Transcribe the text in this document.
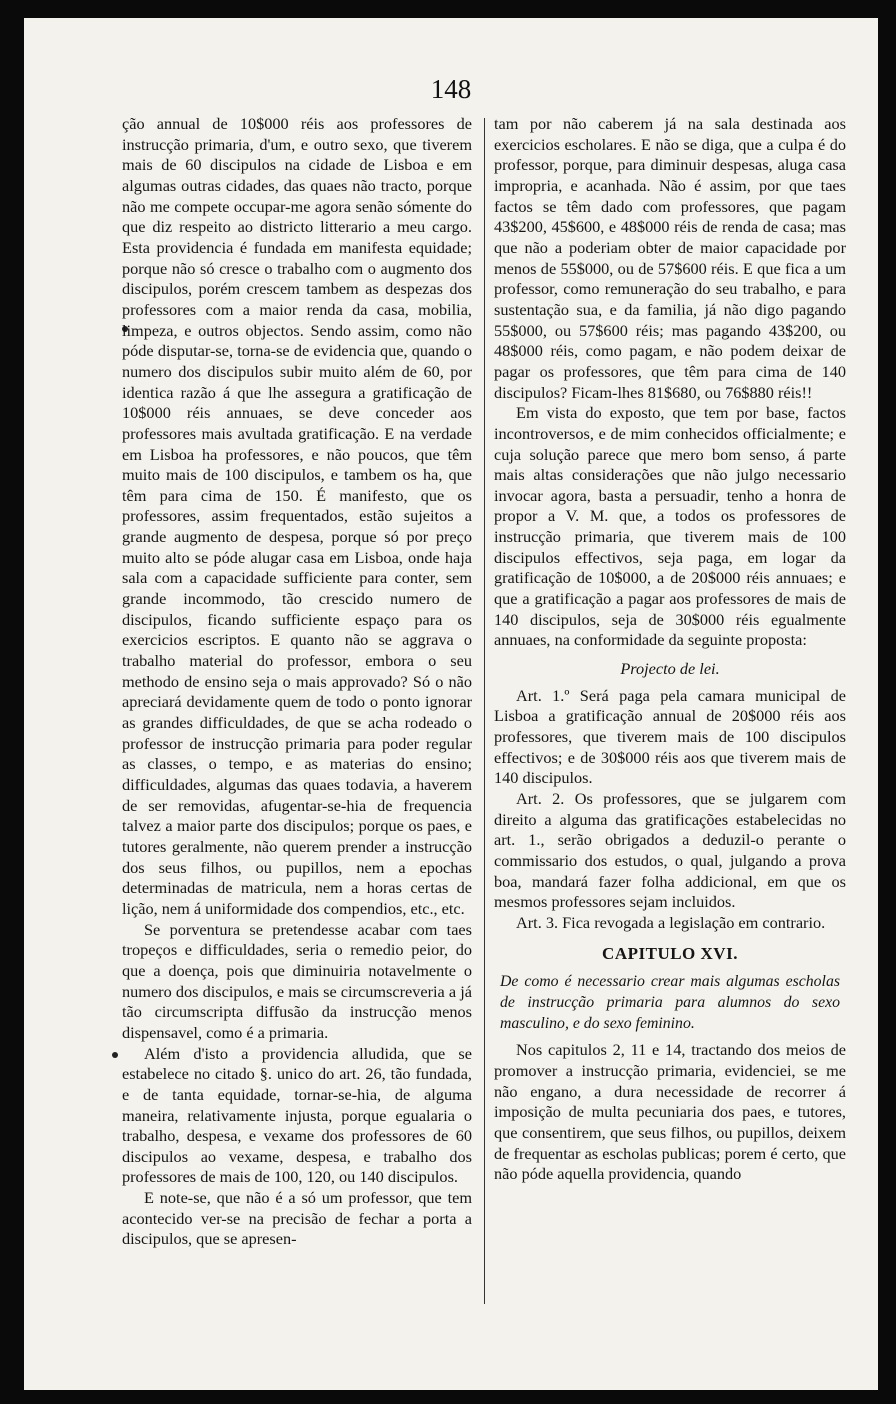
148

ção annual de 10$000 réis aos professores de instrucção primaria, d'um, e outro sexo, que tiverem mais de 60 discipulos na cidade de Lisboa e em algumas outras cidades, das quaes não tracto, porque não me compete occupar-me agora senão sómente do que diz respeito ao districto litterario a meu cargo. Esta providencia é fundada em manifesta equidade; porque não só cresce o trabalho com o augmento dos discipulos, porém crescem tambem as despezas dos professores com a maior renda da casa, mobilia, limpeza, e outros objectos. Sendo assim, como não póde disputar-se, torna-se de evidencia que, quando o numero dos discipulos subir muito além de 60, por identica razão á que lhe assegura a gratificação de 10$000 réis annuaes, se deve conceder aos professores mais avultada gratificação. E na verdade em Lisboa ha professores, e não poucos, que têm muito mais de 100 discipulos, e tambem os ha, que têm para cima de 150. É manifesto, que os professores, assim frequentados, estão sujeitos a grande augmento de despesa, porque só por preço muito alto se póde alugar casa em Lisboa, onde haja sala com a capacidade sufficiente para conter, sem grande incommodo, tão crescido numero de discipulos, ficando sufficiente espaço para os exercicios escriptos. E quanto não se aggrava o trabalho material do professor, embora o seu methodo de ensino seja o mais approvado? Só o não apreciará devidamente quem de todo o ponto ignorar as grandes difficuldades, de que se acha rodeado o professor de instrucção primaria para poder regular as classes, o tempo, e as materias do ensino; difficuldades, algumas das quaes todavia, a haverem de ser removidas, afugentar-se-hia de frequencia talvez a maior parte dos discipulos; porque os paes, e tutores geralmente, não querem prender a instrucção dos seus filhos, ou pupillos, nem a epochas determinadas de matricula, nem a horas certas de lição, nem á uniformidade dos compendios, etc., etc.

Se porventura se pretendesse acabar com taes tropeços e difficuldades, seria o remedio peior, do que a doença, pois que diminuiria notavelmente o numero dos discipulos, e mais se circumscreveria a já tão circumscripta diffusão da instrucção menos dispensavel, como é a primaria.

Além d'isto a providencia alludida, que se estabelece no citado §. unico do art. 26, tão fundada, e de tanta equidade, tornar-se-hia, de alguma maneira, relativamente injusta, porque egualaria o trabalho, despesa, e vexame dos professores de 60 discipulos ao vexame, despesa, e trabalho dos professores de mais de 100, 120, ou 140 discipulos.

E note-se, que não é a só um professor, que tem acontecido ver-se na precisão de fechar a porta a discipulos, que se apresen-

tam por não caberem já na sala destinada aos exercicios escholares. E não se diga, que a culpa é do professor, porque, para diminuir despesas, aluga casa impropria, e acanhada. Não é assim, por que taes factos se têm dado com professores, que pagam 43$200, 45$600, e 48$000 réis de renda de casa; mas que não a poderiam obter de maior capacidade por menos de 55$000, ou de 57$600 réis. E que fica a um professor, como remuneração do seu trabalho, e para sustentação sua, e da familia, já não digo pagando 55$000, ou 57$600 réis; mas pagando 43$200, ou 48$000 réis, como pagam, e não podem deixar de pagar os professores, que têm para cima de 140 discipulos? Ficam-lhes 81$680, ou 76$880 réis!!

Em vista do exposto, que tem por base, factos incontroversos, e de mim conhecidos officialmente; e cuja solução parece que mero bom senso, á parte mais altas considerações que não julgo necessario invocar agora, basta a persuadir, tenho a honra de propor a V. M. que, a todos os professores de instrucção primaria, que tiverem mais de 100 discipulos effectivos, seja paga, em logar da gratificação de 10$000, a de 20$000 réis annuaes; e que a gratificação a pagar aos professores de mais de 140 discipulos, seja de 30$000 réis egualmente annuaes, na conformidade da seguinte proposta:

Projecto de lei.

Art. 1.º Será paga pela camara municipal de Lisboa a gratificação annual de 20$000 réis aos professores, que tiverem mais de 100 discipulos effectivos; e de 30$000 réis aos que tiverem mais de 140 discipulos.

Art. 2. Os professores, que se julgarem com direito a alguma das gratificações estabelecidas no art. 1., serão obrigados a deduzil-o perante o commissario dos estudos, o qual, julgando a prova boa, mandará fazer folha addicional, em que os mesmos professores sejam incluidos.

Art. 3. Fica revogada a legislação em contrario.

CAPITULO XVI.

De como é necessario crear mais algumas escholas de instrucção primaria para alumnos do sexo masculino, e do sexo feminino.

Nos capitulos 2, 11 e 14, tractando dos meios de promover a instrucção primaria, evidenciei, se me não engano, a dura necessidade de recorrer á imposição de multa pecuniaria dos paes, e tutores, que consentirem, que seus filhos, ou pupillos, deixem de frequentar as escholas publicas; porem é certo, que não póde aquella providencia, quando
